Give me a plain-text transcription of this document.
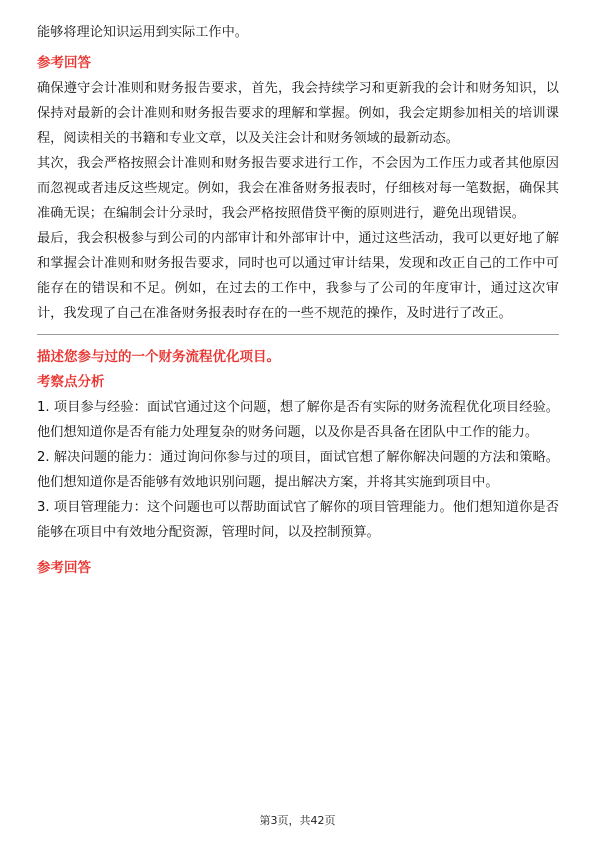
能够将理论知识运用到实际工作中。

参考回答

确保遵守会计准则和财务报告要求，首先，我会持续学习和更新我的会计和财务知识，以保持对最新的会计准则和财务报告要求的理解和掌握。例如，我会定期参加相关的培训课程，阅读相关的书籍和专业文章，以及关注会计和财务领域的最新动态。

其次，我会严格按照会计准则和财务报告要求进行工作，不会因为工作压力或者其他原因而忽视或者违反这些规定。例如，我会在准备财务报表时，仔细核对每一笔数据，确保其准确无误；在编制会计分录时，我会严格按照借贷平衡的原则进行，避免出现错误。

最后，我会积极参与到公司的内部审计和外部审计中，通过这些活动，我可以更好地了解和掌握会计准则和财务报告要求，同时也可以通过审计结果，发现和改正自己的工作中可能存在的错误和不足。例如，在过去的工作中，我参与了公司的年度审计，通过这次审计，我发现了自己在准备财务报表时存在的一些不规范的操作，及时进行了改正。

描述您参与过的一个财务流程优化项目。

考察点分析

1. 项目参与经验：面试官通过这个问题，想了解你是否有实际的财务流程优化项目经验。他们想知道你是否有能力处理复杂的财务问题，以及你是否具备在团队中工作的能力。

2. 解决问题的能力：通过询问你参与过的项目，面试官想了解你解决问题的方法和策略。他们想知道你是否能够有效地识别问题，提出解决方案，并将其实施到项目中。

3. 项目管理能力：这个问题也可以帮助面试官了解你的项目管理能力。他们想知道你是否能够在项目中有效地分配资源，管理时间，以及控制预算。

参考回答

第3页，共42页
